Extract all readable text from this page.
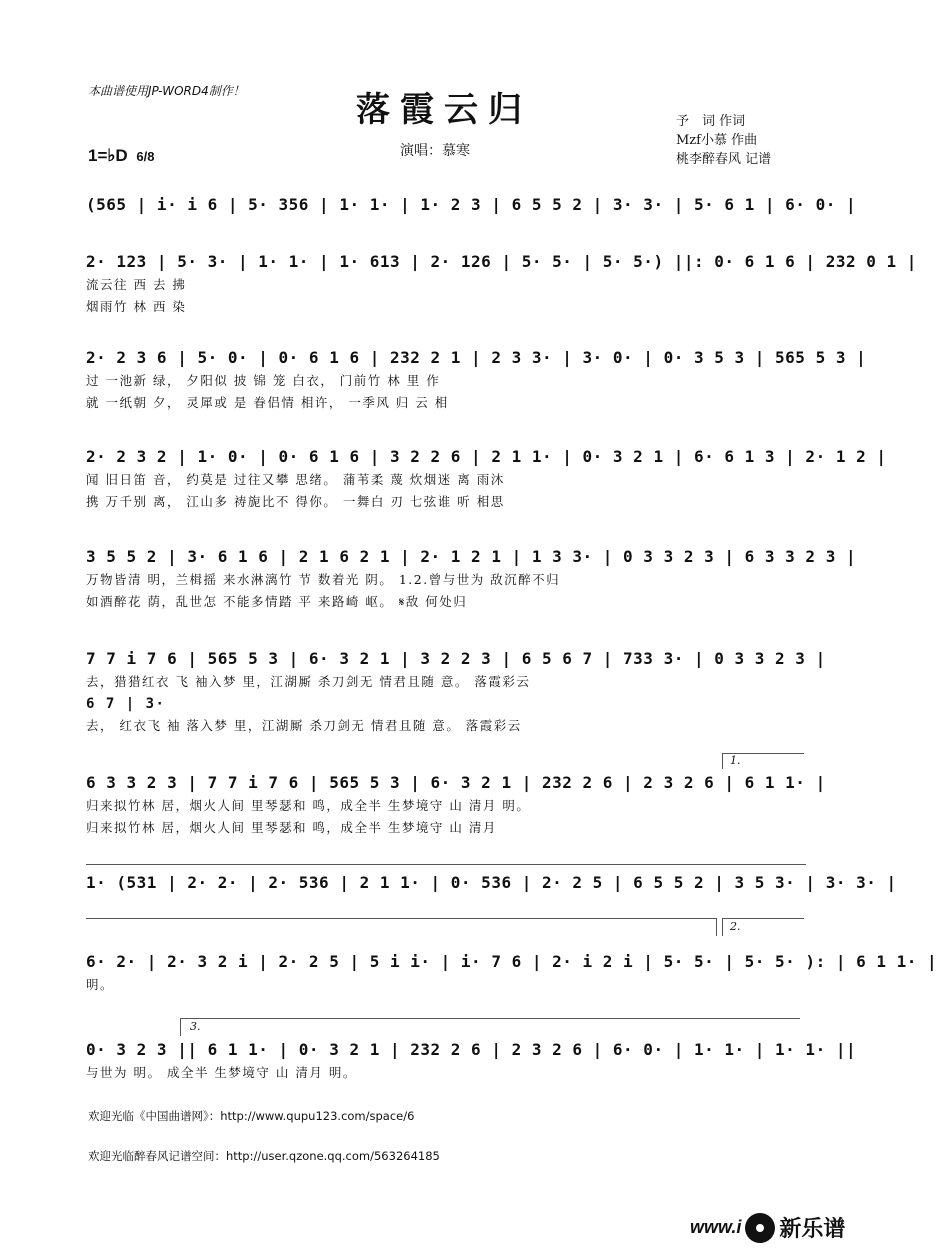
本曲谱使用JP-WORD4制作！	落霞云归
1=♭D 6/8	演唱：慕寒
予　词 作词
Mzf小慕 作曲
桃李醉春风 记谱
(565 | i· i 6 | 5· 356 | 1· 1· | 1· 2 3 | 6 5 5 2 | 3· 3· | 5· 6 1 | 6· 0· |
2· 123 | 5· 3· | 1· 1· | 1· 613 | 2· 126 | 5· 5· | 5· 5·) ||: 0· 6 1 6 | 232 0 1 |
流云往 西 去 拂
烟雨竹 林 西 染
2· 2 3 6 | 5· 0· | 0· 6 1 6 | 232 2 1 | 2 3 3· | 3· 0· | 0· 3 5 3 | 565 5 3 |
过 一池新 绿， 夕阳似 披 锦 笼 白衣， 门前竹 林 里 作
就 一纸朝 夕， 灵犀或 是 眷侣情 相许， 一季风 归 云 相
2· 2 3 2 | 1· 0· | 0· 6 1 6 | 3 2 2 6 | 2 1 1· | 0· 3 2 1 | 6· 6 1 3 | 2· 1 2 |
闻 旧日笛 音， 约莫是 过往又攀 思绪。 蒲苇柔 蔑 炊烟迷 离 雨沐
携 万千别 离， 江山多 祷旎比不 得你。 一舞白 刃 七弦谁 听 相思
3 5 5 2 | 3· 6 1 6 | 2 1 6 2 1 | 2· 1 2 1 | 1 3 3· | 0 3 3 2 3 | 6 3 3 2 3 |
万物皆清 明，兰楫摇 来水淋漓竹 节 数着光 阴。 1.2.曾与世为 敌沉醉不归
如酒醉花 荫，乱世怎 不能多情踏 平 来路崎 岖。 𝄋敌 何处归
7 7 i 7 6 | 565 5 3 | 6· 3 2 1 | 3 2 2 3 | 6 5 6 7 | 733 3· | 0 3 3 2 3 |
去，猎猎红衣 飞 袖入梦 里，江湖厮 杀刀剑无 情君且随 意。 落霞彩云
6 7 | 3·
去， 红衣飞 袖 落入梦 里，江湖厮 杀刀剑无 情君且随 意。 落霞彩云
1.
6 3 3 2 3 | 7 7 i 7 6 | 565 5 3 | 6· 3 2 1 | 232 2 6 | 2 3 2 6 | 6 1 1· |
归来拟竹林 居，烟火人间 里琴瑟和 鸣，成全半 生梦境守 山 清月 明。
归来拟竹林 居，烟火人间 里琴瑟和 鸣，成全半 生梦境守 山 清月
1· (531 | 2· 2· | 2· 536 | 2 1 1· | 0· 536 | 2· 2 5 | 6 5 5 2 | 3 5 3· | 3· 3· |
2.
6· 2· | 2· 3 2 i | 2· 2 5 | 5 i i· | i· 7 6 | 2· i 2 i | 5· 5· | 5· 5· ): | 6 1 1· |
明。
3.
0· 3 2 3 || 6 1 1· | 0· 3 2 1 | 232 2 6 | 2 3 2 6 | 6· 0· | 1· 1· | 1· 1· ||
与世为 明。 成全半 生梦境守 山 清月 明。
欢迎光临《中国曲谱网》：http://www.qupu123.com/space/6
欢迎光临醉春风记谱空间：http://user.qzone.qq.com/563264185
www.i 新乐谱
